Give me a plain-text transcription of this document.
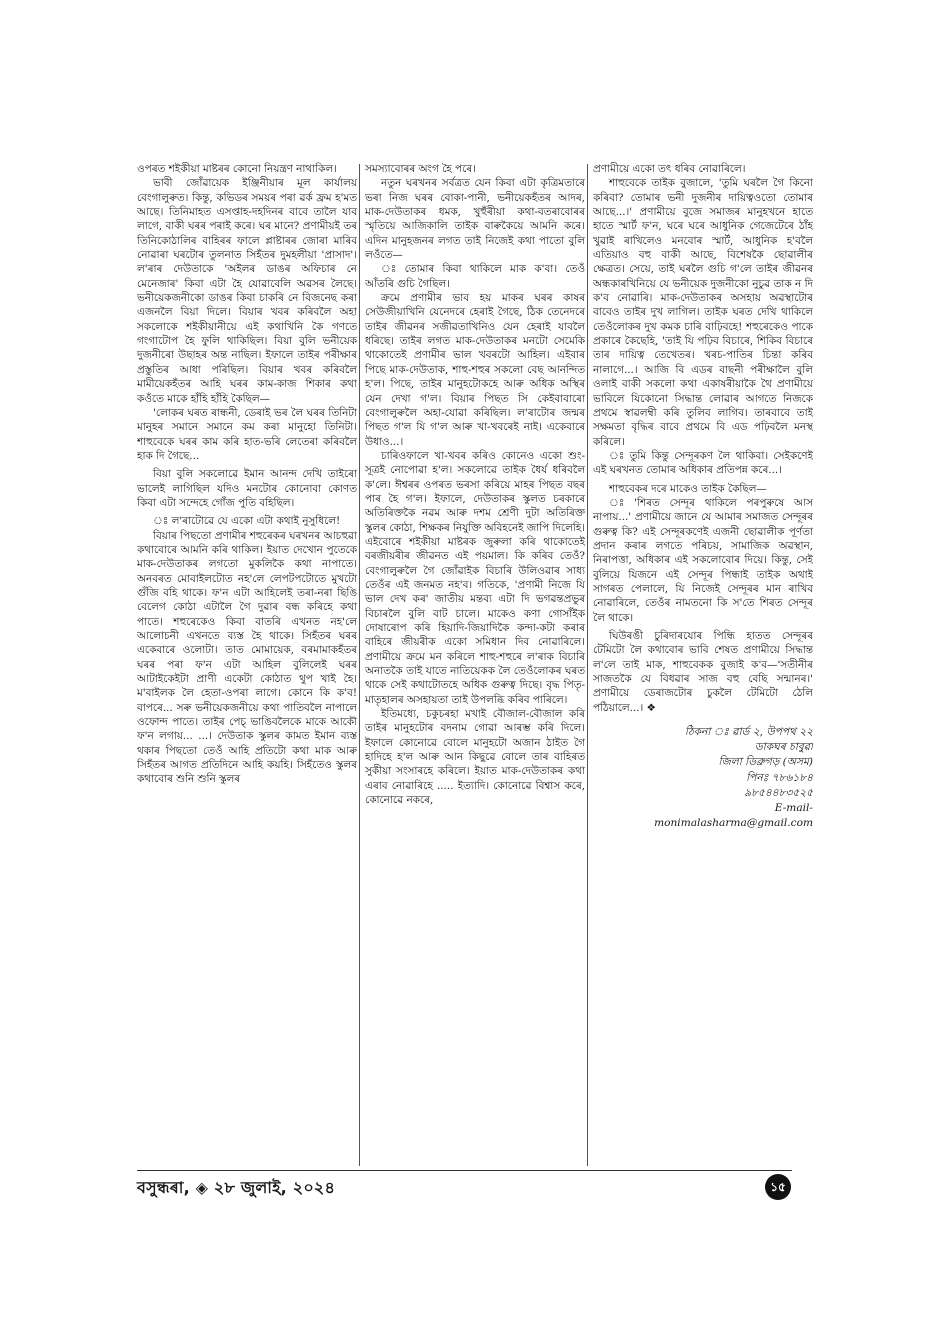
ওপৰত শইকীয়া মাষ্টৰৰ কোনো নিয়ন্ত্ৰণ নাথাকিল।

ভাবী জোঁৱায়েক ইঞ্জিনীয়াৰ মূল কাৰ্যালয় বেংগালুৰুত। কিন্তু, কভিডৰ সময়ৰ পৰা ৱৰ্ক ফ্ৰম হ'মত আছে। তিনিমাহত এসপ্তাহ-দহদিনৰ বাবে তালৈ যাব লাগে, বাকী ঘৰৰ পৰাই কৰে। ঘৰ মানে? প্ৰণামীয়ই তৰ তিনিকোঠালিৰ বাহিৰৰ ফালে প্লাষ্টাৰৰ জোৰা মাৰিব নোৱাৰা ঘৰটোৰ তুলনাত সিহঁতৰ দুমহলীয়া 'প্ৰাসাদ'। ল'ৰাৰ দেউতাকে 'অইলৰ ডাঙৰ অফিচাৰ নে মেনেজাৰ' কিবা এটা হৈ যোৱাবেলি অৱসৰ লৈছে। ভনীয়েকজনীকো ডাঙৰ কিবা চাকৰি নে বিজনেছ কৰা এজনলৈ বিয়া দিলে। বিয়াৰ খবৰ কৰিবলৈ অহা সকলোকে শইকীয়ানীয়ে এই কথাখিনি কৈ গণতে গংগাটোপ হৈ ফুলি থাকিছিল। বিয়া বুলি ভনীয়েক দুজনীৰো উছাহৰ অন্ত নাছিল। ইফালে তাইৰ পৰীক্ষাৰ প্ৰস্তুতিৰ আধা পৰিছিল। বিয়াৰ খবৰ কৰিবলৈ মামীয়েকহঁতৰ আহি ঘৰৰ কাম-কাজ শিকাৰ কথা কওঁতে মাকে হাঁহি হাঁহি কৈছিল—

'লোকৰ ঘৰত ৰান্ধনী, ডেৰাই ভৰ লৈ ঘৰৰ তিনিটা মানুহৰ সমানে সমানে কম কৰা মানুহো তিনিটা। শাহুবেকে ঘৰৰ কাম কৰি হাত-ভৰি লেতেৰা কৰিবলৈ হাক দি গৈছে...

বিয়া বুলি সকলোৱে ইমান আনন্দ দেখি তাইৰো ভালেই লাগিছিল যদিও মনটোৰ কোনোবা কোণত কিবা এটা সন্দেহে গোঁজ পুতি বহিছিল।

ঃ ল'ৰাটোৱে যে একো এটা কথাই নুসুধিলে!

বিয়াৰ পিছতো প্ৰণামীৰ শহুৰেকৰ ঘৰখনৰ আচহুৱা কথাবোৰে আমনি কৰি থাকিল। ইয়াত দেখোন পুতেকে মাক-দেউতাকৰ লগতো মুকলিকৈ কথা নাপাতে। অনবৰত মোবাইলটোত নহ'লে লেপটপটোতে মুখটো গুঁজি বহি থাকে। ফ'ন এটা আহিলেই তৰা-নৰা ছিঙি বেলেগ কোঠা এটালৈ গৈ দুৱাৰ বন্ধ কৰিহে কথা পাতে। শহুৰেকেও কিবা বাতৰি এখনত নহ'লে আলোচনী এখনতে ব্যস্ত হৈ থাকে। সিহঁতৰ ঘৰৰ একেবাৰে ওলোটা। তাত মোমায়েক, বৰমামাকহঁতৰ ঘৰৰ পৰা ফ'ন এটা আহিল বুলিলেই ঘৰৰ আটাইকেইটা প্ৰাণী একেটা কোঠাত থুপ খাই হৈ। ম'বাইলক লৈ হেতা-ওপৰা লাগে। কোনে কি ক'ব! বাপৰে... সৰু ভনীয়েকজনীয়ে কথা পাতিবলৈ নাপালে ওফোন্দ পাতে। তাইৰ পেচ্ ভাঙিবলৈকে মাকে আকৌ ফ'ন লগায়... ...। দেউতাক স্কুলৰ কামত ইমান ব্যস্ত থকাৰ পিছতো তেওঁ আহি প্ৰতিটো কথা মাক আৰু সিহঁতৰ আগত প্ৰতিদিনে আহি কয়হি। সিহঁতেও স্কুলৰ কথাবোৰ শুনি শুনি স্কুলৰ

সমস্যাবোৰৰ অংগ হৈ পৰে।

নতুন ঘৰখনৰ সৰ্বত্ৰত যেন কিবা এটা কৃত্ৰিমতাৰে ভৰা নিজ ঘৰৰ বোকা-পানী, ভনীয়েকহঁতৰ আদৰ, মাক-দেউতাকৰ ধমক, খুহুঁৰীয়া কথা-বতৰাবোৰৰ স্মৃতিয়ে আজিকালি তাইক বাৰুকৈয়ে আমনি কৰে। এদিন মানুহজনৰ লগত তাই নিজেই কথা পাতো বুলি লওঁতে—

ঃ তোমাৰ কিবা থাকিলে মাক ক'বা। তেওঁ আঁতৰি গুচি গৈছিল।

ক্ৰমে প্ৰণামীৰ ভাব হয় মাকৰ ঘৰৰ কাষৰ সেউজীয়াখিনি যেনেদৰে হেৰাই গৈছে, ঠিক তেনেদৰে তাইৰ জীৱনৰ সজীৱতাখিনিও যেন হেৰাই যাবলৈ ধৰিছে। তাইৰ লগত মাক-দেউতাকৰ মনটো সেমেকি থাকোতেই প্ৰণামীৰ ভাল খবৰটো আহিল। এইবাৰ পিছে মাক-দেউতাক, শাহু-শহুৰ সকলো বেছ আনন্দিত হ'ল। পিছে, তাইৰ মানুহটোকহে আৰু অধিক অস্থিৰ যেন দেখা গ'ল। বিয়াৰ পিছত সি কেইবাবাৰো বেংগালুৰুলৈ অহা-যোৱা কৰিছিল। ল'ৰাটোৰ জন্মৰ পিছত গ'ল যি গ'ল আৰু খা-খবৰেই নাই। একেবাৰে উধাও...।

চাৰিওফালে খা-খবৰ কৰিও কোনেও একো শুং-সূত্ৰই নোপোৱা হ'ল। সকলোৱে তাইক ধৈৰ্য ধৰিবলৈ ক'লে। ঈশ্বৰৰ ওপৰত ভৰসা কৰিয়ে মাহৰ পিছত বছৰ পাৰ হৈ গ'ল। ইফালে, দেউতাকৰ স্কুলত চৰকাৰে অতিৰিক্তকৈ নৱম আৰু দশম শ্ৰেণী দুটা অতিৰিক্ত স্কুলৰ কোঠা, শিক্ষকৰ নিযুক্তি অবিহনেই জাপি দিলেহি। এইবোৰে শইকীয়া মাষ্টৰক জুৰুলা কৰি থাকোতেই বৰজীয়ৰীৰ জীৱনত এই পয়মাল। কি কৰিব তেওঁ? বেংগালুৰুলৈ গৈ জোঁৱাইক বিচাৰি উলিওৱাৰ সাধ্য তেওঁৰ এই জনমত নহ'ব। গতিকে, 'প্ৰণামী নিজে যি ভাল দেখ কৰ' জাতীয় মন্তব্য এটা দি ভগৱন্তপ্ৰভুৰ বিচাৰলৈ বুলি বাট চালে। মাকেও কণা গোসাঁইক দোষাৰোপ কৰি হিয়াদি-জিয়াদিকৈ কন্দা-কটা কৰাৰ বাহিৰে জীয়ৰীক একো সমিধান দিব নোৱাৰিলে। প্ৰণামীয়ে ক্ৰমে মন কৰিলে শাহু-শহুৰে ল'ৰাক বিচাৰি অনাতকৈ তাই যাতে নাতিয়েকক লৈ তেওঁলোকৰ ঘৰত থাকে সেই কথাটোতহে অধিক গুৰুত্ব দিছে। বৃদ্ধ পিতৃ-মাতৃহালৰ অসহায়তা তাই উপলব্ধি কৰিব পাৰিলে।

ইতিমধ্যে, চকুচৰহা মখাই বৌজাল-বৌজাল কৰি তাইৰ মানুহটোৰ বদনাম গোৱা আৰম্ভ কৰি দিলে। ইফালে কোনোৱে বোলে মানুহটো অজান ঠাইত গৈ হাদিহে হ'ল আৰু আন কিছুৱে বোলে তাৰ বাহিৰত সুকীয়া সংসাৰহে কৰিলে। ইয়াত মাক-দেউতাকৰ কথা এৰাব নোৱাৰিহে ..... ইত্যাদি। কোনোৱে বিশ্বাস কৰে, কোনোৱে নকৰে,

প্ৰণামীয়ে একো তৎ ধৰিব নোৱাৰিলে।

শাহুবেকে তাইক বুজালে, 'তুমি ঘৰলৈ গৈ কিনো কৰিবা? তোমাৰ ভনী দুজনীৰ দায়িত্বওতো তোমাৰ আছে...।' প্ৰণামীয়ে বুজে সমাজৰ মানুহখনে হাতে হাতে স্মাৰ্ট ফ'ন, ঘৰে ঘৰে আধুনিক গেজেটেৰে ঠাঁহ খুৱাই ৰাখিলেও মনবোৰ স্মাৰ্ট, আধুনিক হ'বলৈ এতিয়াও বহু বাকী আছে, বিশেষকৈ ছোৱালীৰ ক্ষেত্ৰত। সেয়ে, তাই ঘৰলৈ গুচি গ'লে তাইৰ জীৱনৰ অন্ধকাৰখিনিয়ে যে ভনীয়েক দুজনীকো নুচুৱ তাক ন দি ক'ব নোৱাৰি। মাক-দেউতাকৰ অসহায় অৱস্থাটোৰ বাবেও তাইৰ দুখ লাগিল। তাইক ঘৰত দেখি থাকিলে তেওঁলোকৰ দুখ কমক চাৰি বাঢ়িবহে! শহুৰেকেও পাকে প্ৰকাৰে কৈছেহি, 'তাই যি পঢ়িব বিচাৰে, শিকিব বিচাৰে তাৰ দায়িত্ব তেখেতৰ। খৰচ-পাতিৰ চিন্তা কৰিব নালাগে...। আজি বি এডৰ বাছনী পৰীক্ষালৈ বুলি ওলাই বাকী সকলো কথা একাষৰীয়াকৈ থৈ প্ৰণামীয়ে ভাবিলে যিকোনো সিদ্ধান্ত লোৱাৰ আগতে নিজকে প্ৰথমে স্বাৱলম্বী কৰি তুলিব লাগিব। তাৰবাবে তাই সক্ষমতা বৃদ্ধিৰ বাবে প্ৰথমে বি এড পঢ়িবলৈ মনস্থ কৰিলে।

ঃ তুমি কিন্তু সেন্দূৰকণ লৈ থাকিবা। সেইকণেই এই ঘৰখনত তোমাৰ অধিকাৰ প্ৰতিপন্ন কৰে...।

শাহুবেকৰ দৰে মাকেও তাইক কৈছিল—

ঃ 'শিৰত সেন্দূৰ থাকিলে পৰপুৰুষে আস নাপায়...' প্ৰণামীয়ে জানে যে আমাৰ সমাজত সেন্দূৰৰ গুৰুত্ব কি? এই সেন্দূৰকণেই এজনী ছোৱালীক পূৰ্ণতা প্ৰদান কৰাৰ লগতে পৰিচয়, সামাজিক অৱস্থান, নিৰাপত্তা, অধিকাৰ এই সকলোবোৰ দিয়ে। কিন্তু, সেই বুলিয়ে যিজনে এই সেন্দূৰ পিন্ধাই তাইক অথাই সাগৰত পেলালে, যি নিজেই সেন্দূৰৰ মান ৰাখিব নোৱাৰিলে, তেওঁৰ নামতনো কি স'তে শিৰত সেন্দূৰ লৈ থাকে।

ঘিউৰঙী চুৰিদাৰযোৰ পিন্ধি হাতত সেন্দূৰৰ টেমিটো লৈ কথাবোৰ ভাবি শেষত প্ৰণামীয়ে সিদ্ধান্ত ল'লে তাই মাক, শাহুবেকক বুজাই ক'ব—'সতীনীৰ সাজতকৈ যে বিধৱাৰ সাজ বহু বেছি সন্মানৰ।' প্ৰণামীয়ে ডেৰাজটোৰ চুকলৈ টেমিটো ঠেলি পঠিয়ালে...। ❖

ঠিকনা ঃ ৱাৰ্ড ২, উপপথ ২২
ডাকঘৰ চাবুৱা
জিলা ডিব্ৰুগড় (অসম)
পিনঃ ৭৮৬১৮৪
৯৮৫৪৪৮৩৫২৫
E-mail-
monimalasharma@gmail.com
বসুন্ধৰা, ◈ ২৮ জুলাই, ২০২৪	১৫
